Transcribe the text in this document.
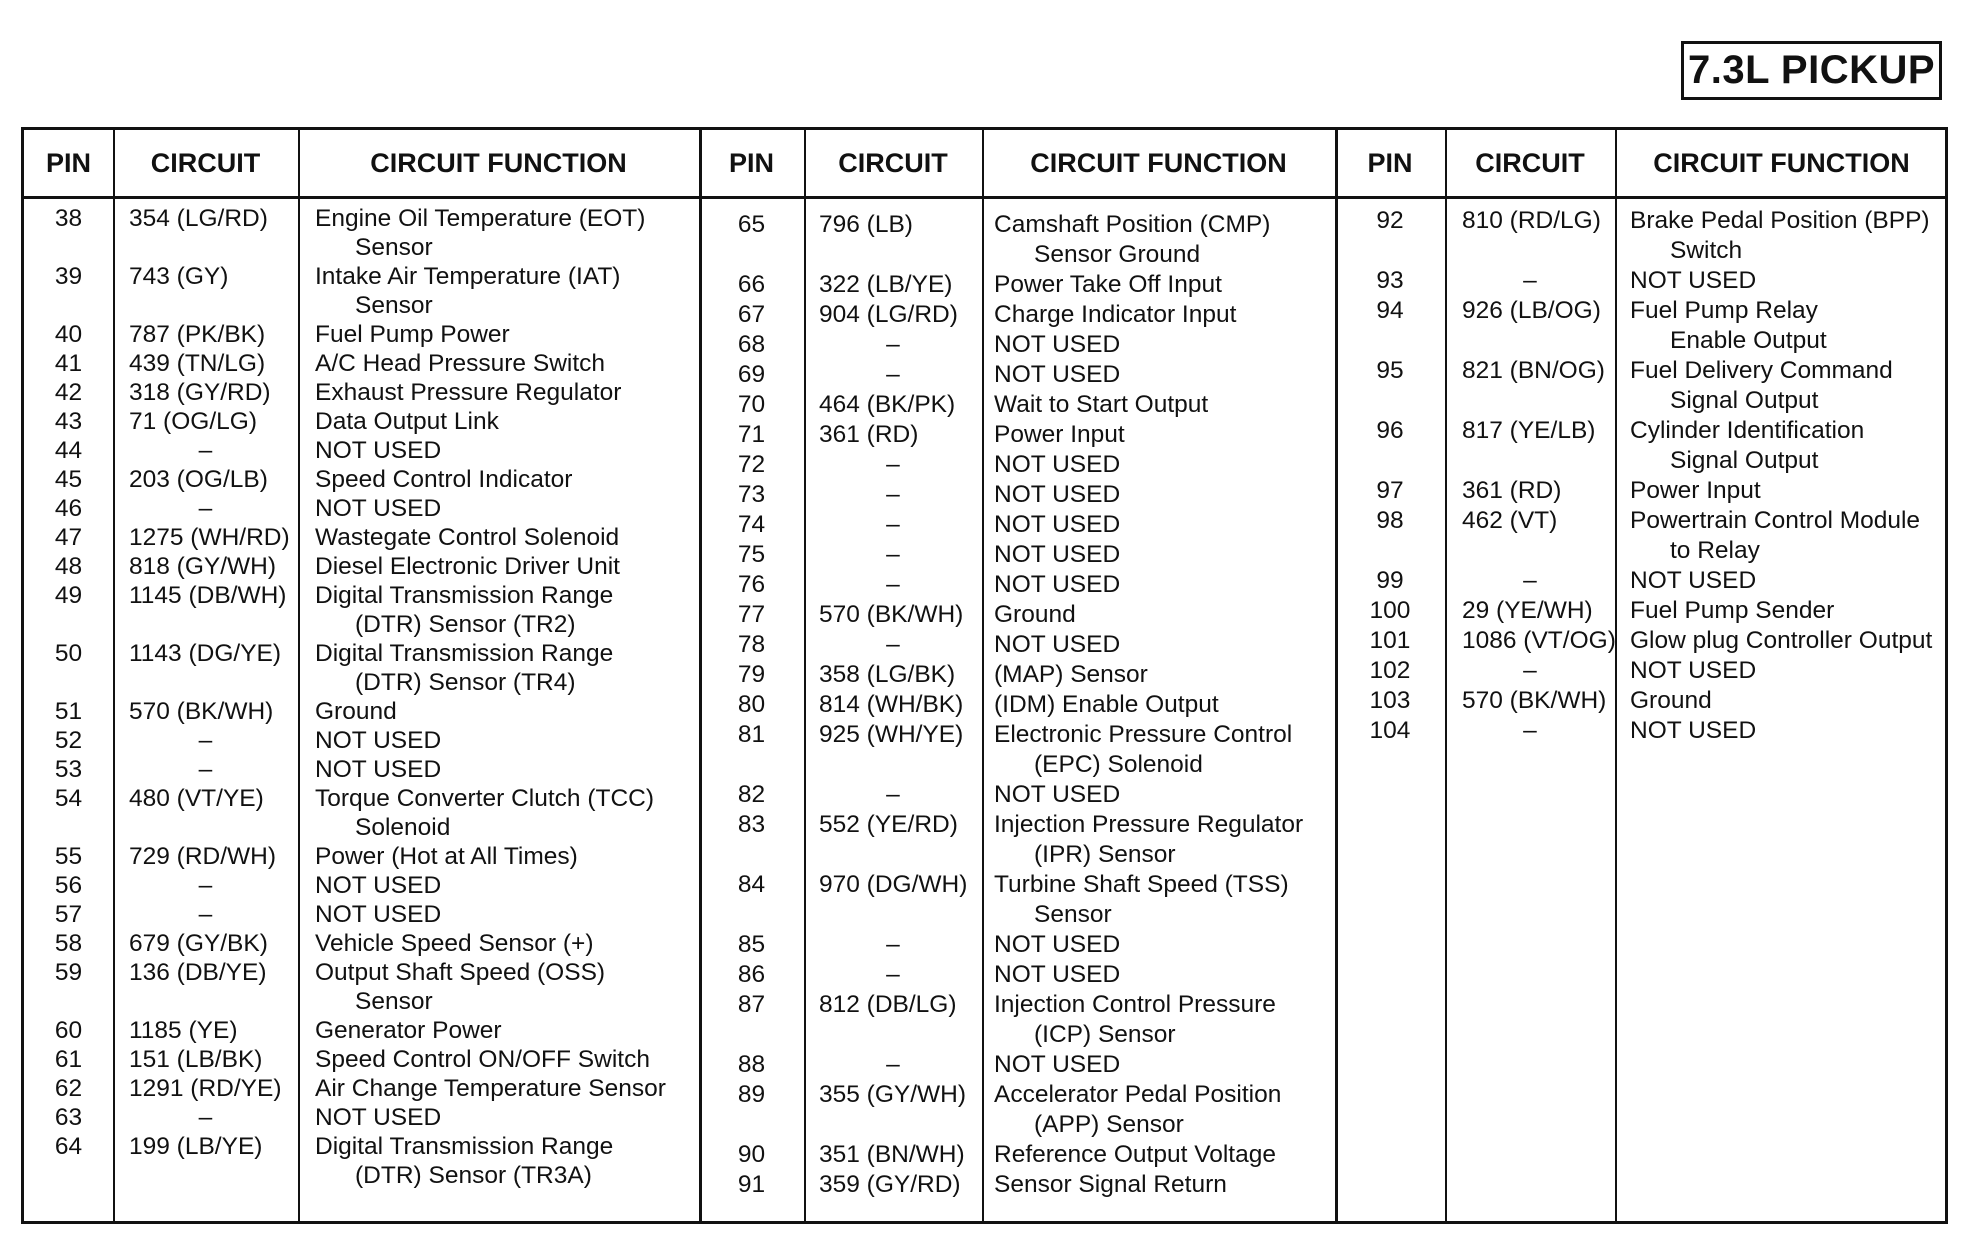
7.3L PICKUP
PIN	CIRCUIT	CIRCUIT FUNCTION	PIN	CIRCUIT	CIRCUIT FUNCTION	PIN	CIRCUIT	CIRCUIT FUNCTION
38	354 (LG/RD) Engine Oil Temperature (EOT)
Sensor
39	743 (GY)	Intake Air Temperature (IAT)
Sensor
40	787 (PK/BK) Fuel Pump Power
41	439 (TN/LG) A/C Head Pressure Switch
42	318 (GY/RD) Exhaust Pressure Regulator
43	71 (OG/LG) Data Output Link
44	–	NOT USED
45	203 (OG/LB) Speed Control Indicator
46	–	NOT USED
47	1275 (WH/RD) Wastegate Control Solenoid
48	818 (GY/WH) Diesel Electronic Driver Unit
49	1145 (DB/WH) Digital Transmission Range
(DTR) Sensor (TR2)
50	1143 (DG/YE) Digital Transmission Range
(DTR) Sensor (TR4)
51	570 (BK/WH) Ground
52	–	NOT USED
53	–	NOT USED
54	480 (VT/YE) Torque Converter Clutch (TCC)
Solenoid
55	729 (RD/WH) Power (Hot at All Times)
56	–	NOT USED
57	–	NOT USED
58	679 (GY/BK) Vehicle Speed Sensor (+)
59	136 (DB/YE) Output Shaft Speed (OSS)
Sensor
60	1185 (YE)	Generator Power
61	151 (LB/BK) Speed Control ON/OFF Switch
62	1291 (RD/YE) Air Change Temperature Sensor
63	–	NOT USED
64	199 (LB/YE) Digital Transmission Range
(DTR) Sensor (TR3A)
65	796 (LB)	Camshaft Position (CMP)
Sensor Ground
66	322 (LB/YE) Power Take Off Input
67	904 (LG/RD) Charge Indicator Input
68	–	NOT USED
69	–	NOT USED
70	464 (BK/PK) Wait to Start Output
71	361 (RD)	Power Input
72	–	NOT USED
73	–	NOT USED
74	–	NOT USED
75	–	NOT USED
76	–	NOT USED
77	570 (BK/WH) Ground
78	–	NOT USED
79	358 (LG/BK) (MAP) Sensor
80	814 (WH/BK) (IDM) Enable Output
81	925 (WH/YE) Electronic Pressure Control
(EPC) Solenoid
82	–	NOT USED
83	552 (YE/RD) Injection Pressure Regulator
(IPR) Sensor
84	970 (DG/WH) Turbine Shaft Speed (TSS)
Sensor
85	–	NOT USED
86	–	NOT USED
87	812 (DB/LG) Injection Control Pressure
(ICP) Sensor
88	–	NOT USED
89	355 (GY/WH) Accelerator Pedal Position
(APP) Sensor
90	351 (BN/WH) Reference Output Voltage
91	359 (GY/RD) Sensor Signal Return
92	810 (RD/LG) Brake Pedal Position (BPP)
Switch
93	–	NOT USED
94	926 (LB/OG) Fuel Pump Relay
Enable Output
95	821 (BN/OG) Fuel Delivery Command
Signal Output
96	817 (YE/LB) Cylinder Identification
Signal Output
97	361 (RD)	Power Input
98	462 (VT)	Powertrain Control Module
to Relay
99	–	NOT USED
100	29 (YE/WH) Fuel Pump Sender
101	1086 (VT/OG) Glow plug Controller Output
102	–	NOT USED
103	570 (BK/WH) Ground
104	–	NOT USED
